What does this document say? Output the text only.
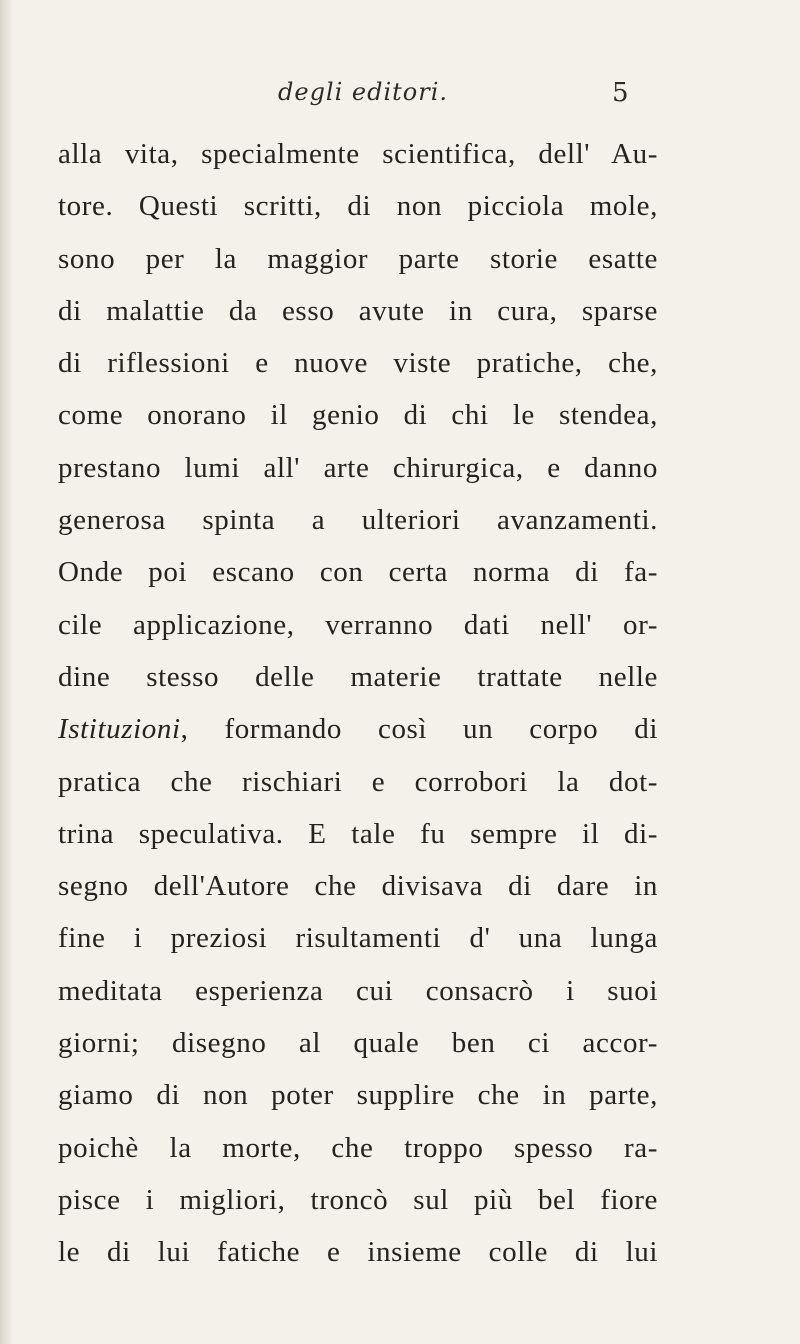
degli editori.	5
alla vita, specialmente scientifica, dell' Au-
tore. Questi scritti, di non picciola mole,
sono per la maggior parte storie esatte
di malattie da esso avute in cura, sparse
di riflessioni e nuove viste pratiche, che,
come onorano il genio di chi le stendea,
prestano lumi all' arte chirurgica, e danno
generosa spinta a ulteriori avanzamenti.
Onde poi escano con certa norma di fa-
cile applicazione, verranno dati nell' or-
dine stesso delle materie trattate nelle
Istituzioni, formando così un corpo di
pratica che rischiari e corrobori la dot-
trina speculativa. E tale fu sempre il di-
segno dell'Autore che divisava di dare in
fine i preziosi risultamenti d' una lunga
meditata esperienza cui consacrò i suoi
giorni; disegno al quale ben ci accor-
giamo di non poter supplire che in parte,
poichè la morte, che troppo spesso ra-
pisce i migliori, troncò sul più bel fiore
le di lui fatiche e insieme colle di lui
